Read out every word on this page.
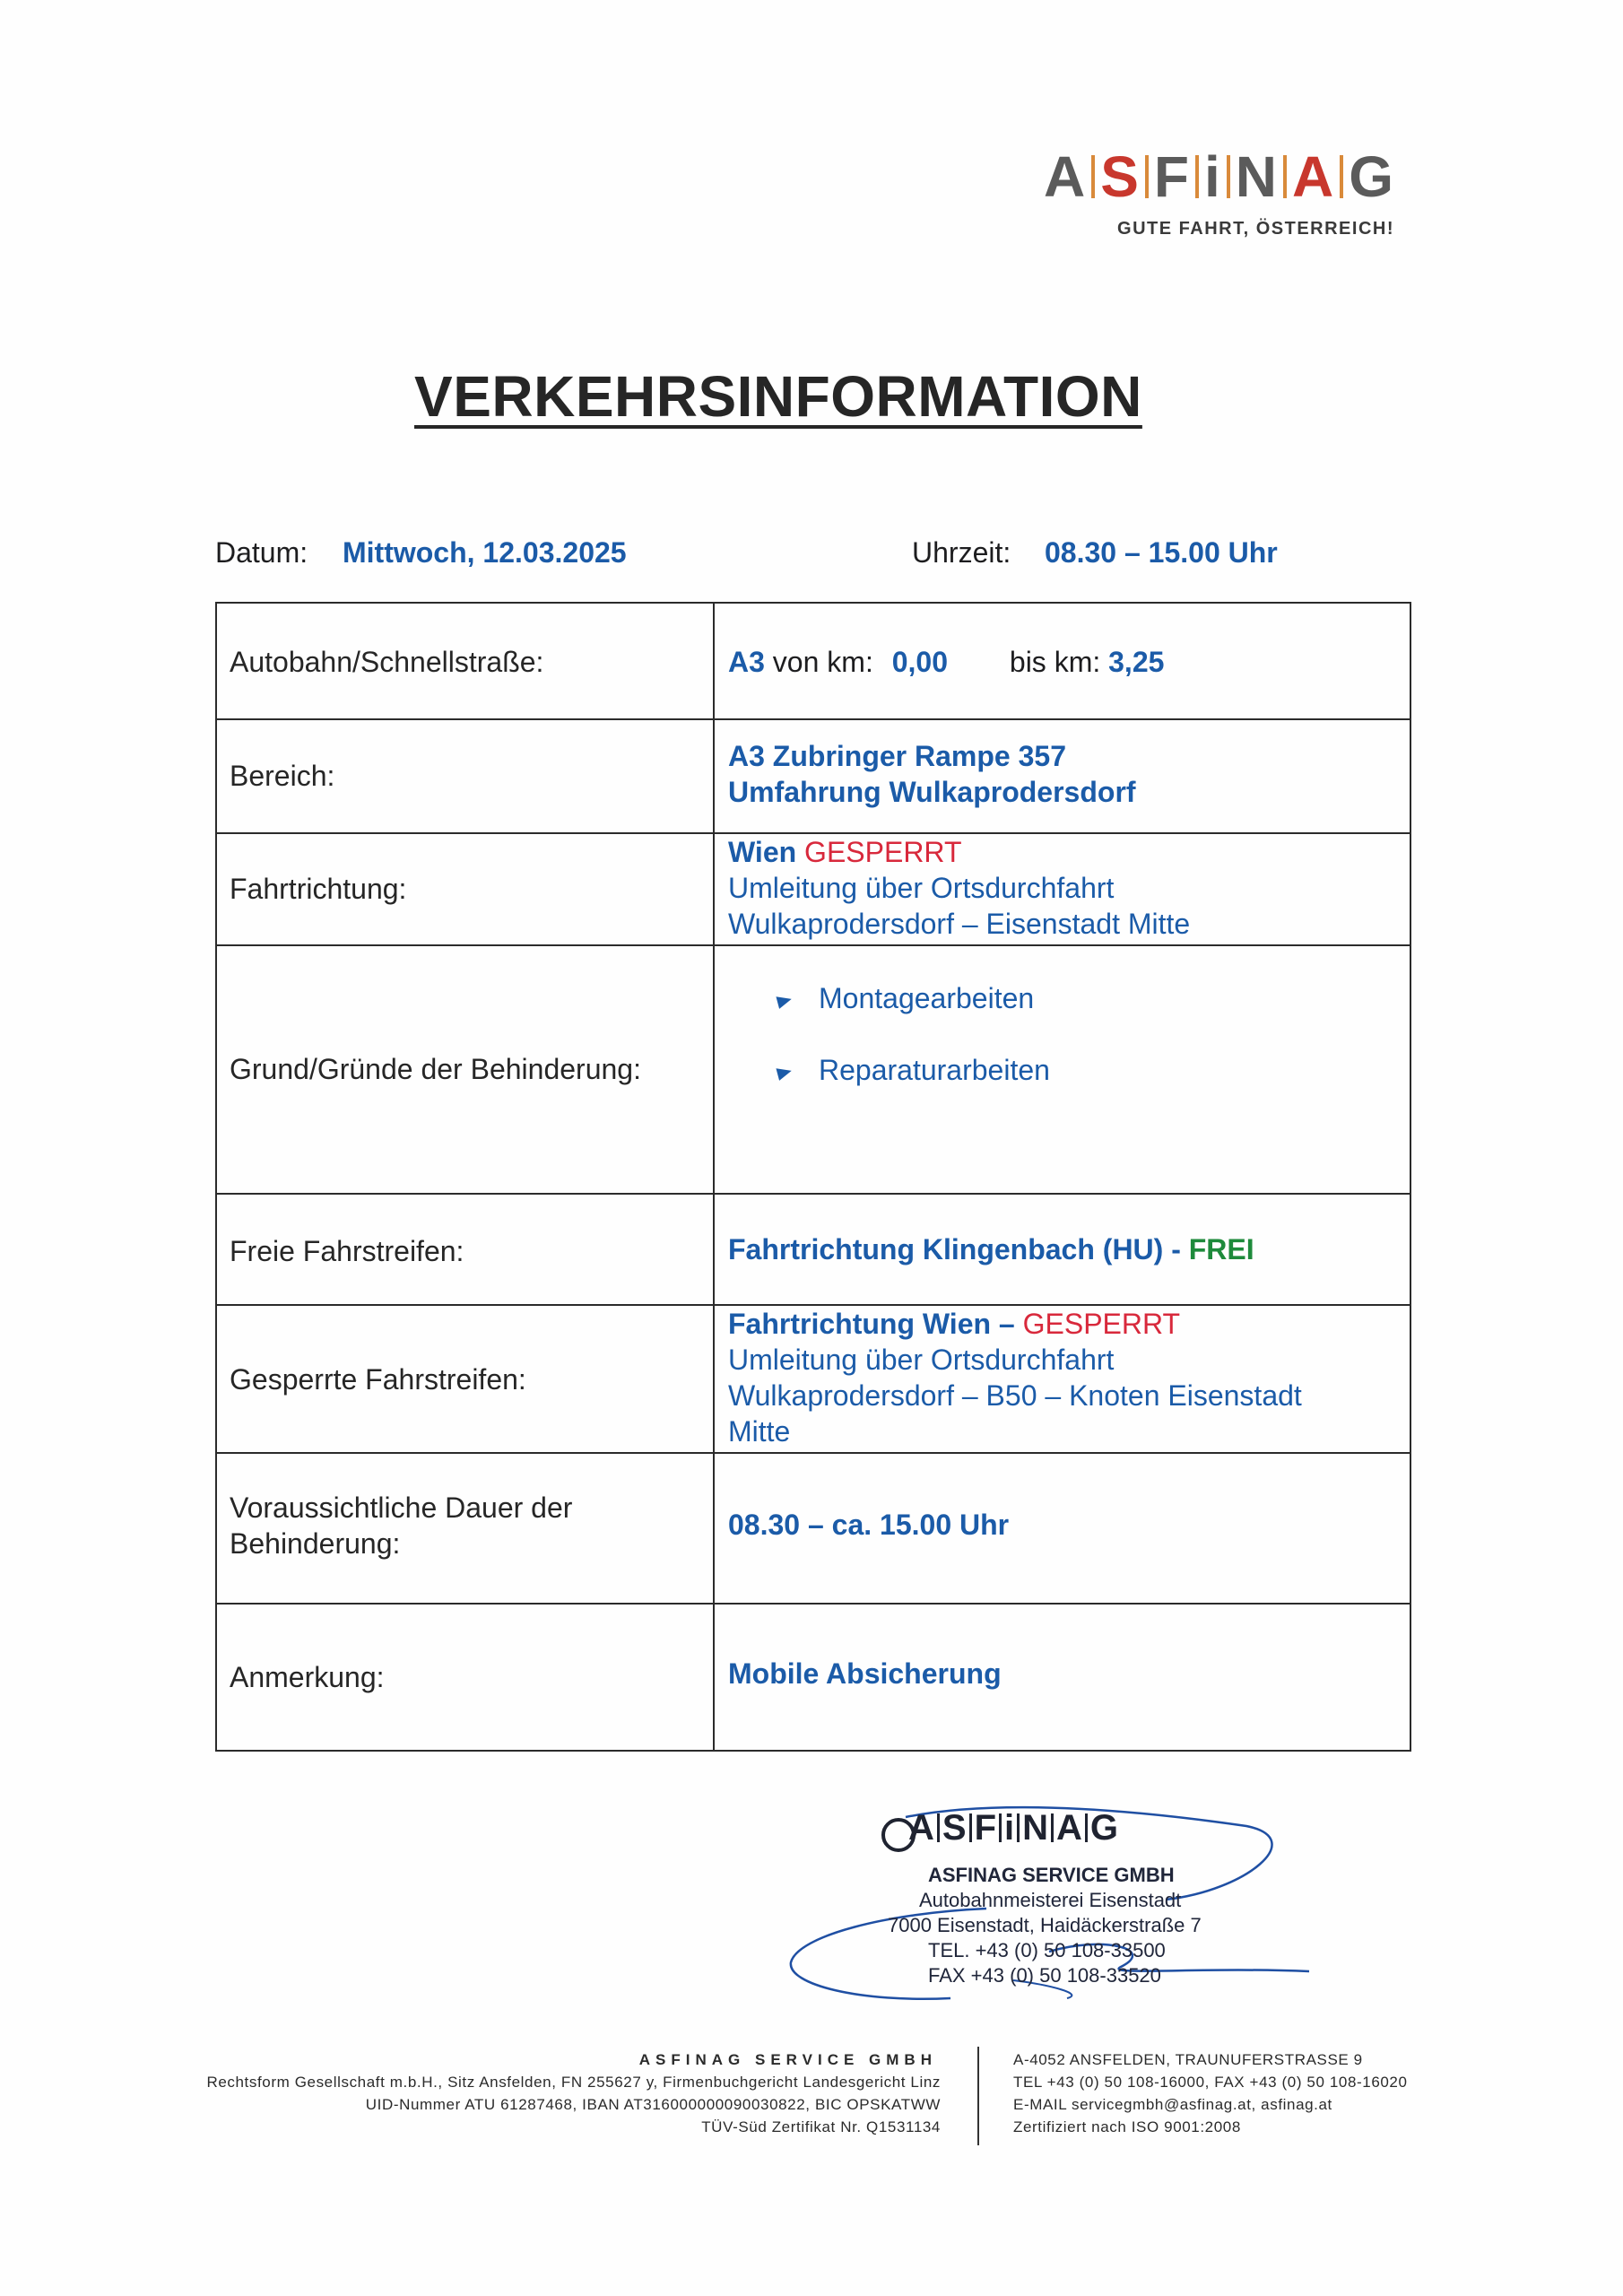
A S F i N A G
GUTE FAHRT, ÖSTERREICH!
VERKEHRSINFORMATION
Datum: Mittwoch, 12.03.2025	Uhrzeit: 08.30 – 15.00 Uhr
Autobahn/Schnellstraße:	A3 von km: 0,00 bis km: 3,25
Bereich:
A3 Zubringer Rampe 357
Umfahrung Wulkaprodersdorf
Fahrtrichtung:
Wien GESPERRT
Umleitung über Ortsdurchfahrt
Wulkaprodersdorf – Eisenstadt Mitte
Grund/Gründe der Behinderung:
Montagearbeiten
Reparaturarbeiten
Freie Fahrstreifen:	Fahrtrichtung Klingenbach (HU) - FREI
Gesperrte Fahrstreifen:
Fahrtrichtung Wien – GESPERRT
Umleitung über Ortsdurchfahrt
Wulkaprodersdorf – B50 – Knoten Eisenstadt
Mitte
Voraussichtliche Dauer der
Behinderung:
08.30 – ca. 15.00 Uhr
Anmerkung:	Mobile Absicherung
A S F i N A G
ASFINAG SERVICE GMBH
Autobahnmeisterei Eisenstadt
7000 Eisenstadt, Haidäckerstraße 7
TEL. +43 (0) 50 108-33500
FAX +43 (0) 50 108-33520
ASFINAG SERVICE GMBH
Rechtsform Gesellschaft m.b.H., Sitz Ansfelden, FN 255627 y, Firmenbuchgericht Landesgericht Linz
UID-Nummer ATU 61287468, IBAN AT316000000090030822, BIC OPSKATWW
TÜV-Süd Zertifikat Nr. Q1531134
A-4052 ANSFELDEN, TRAUNUFERSTRASSE 9
TEL +43 (0) 50 108-16000, FAX +43 (0) 50 108-16020
E-MAIL servicegmbh@asfinag.at, asfinag.at
Zertifiziert nach ISO 9001:2008
